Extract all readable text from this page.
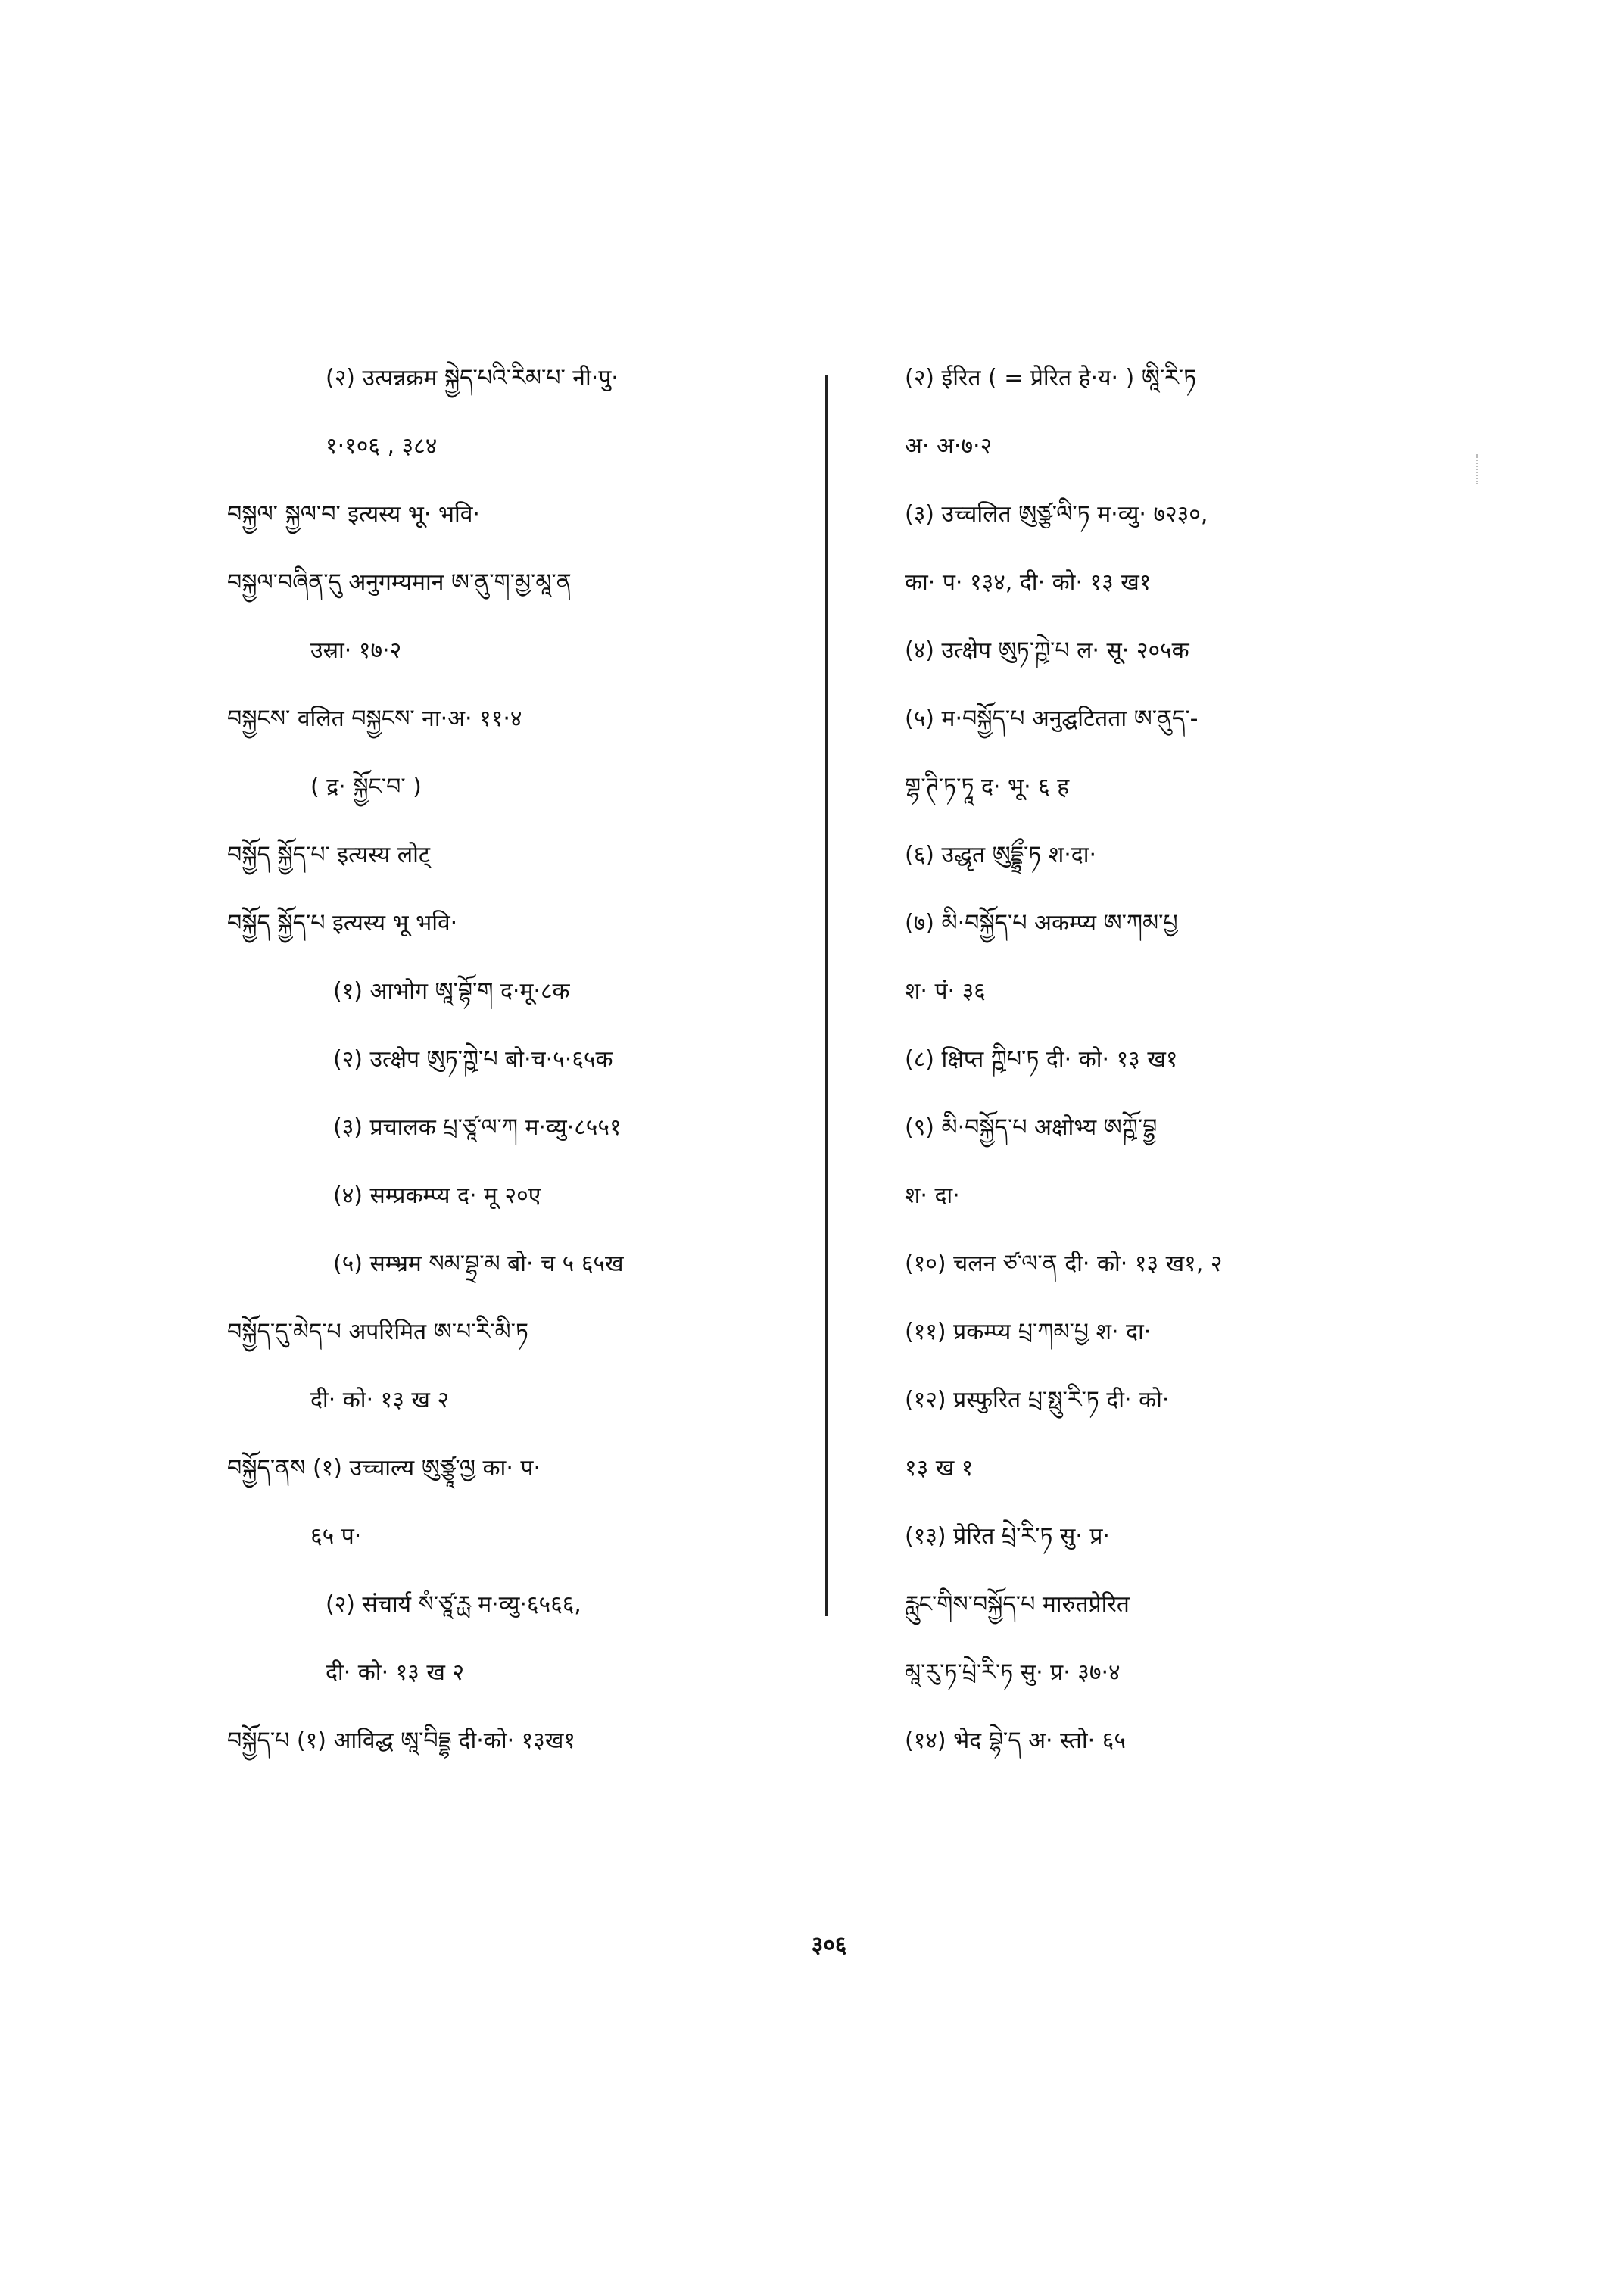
(२) उत्पन्नक्रम སྐྱེད་པའི་རིམ་པ་ नी·पु·
१·१०६ , ३८४
བསྐྱལ་ སྐྱལ་བ་ इत्यस्य भू· भवि·
བསྐྱལ་བཞིན་དུ अनुगम्यमान ཨ་ནུ་ག་མྱ་མཱ་ན
उस्रा· १७·२
བསྐྱངས་ वलित བསྐྱངས་ ना·अ· ११·४
( द्र· སྐྱོང་བ་ )
བསྐྱོད སྐྱོད་པ་ इत्यस्य लोट्
བསྐྱོད སྐྱོད་པ इत्यस्य भू भवि·
(१) आभोग ཨཱ་བྷོ་ག द·मू·८क
(२) उत्क्षेप ཨུཏ་ཀྵེ་པ बो·च·५·६५क
(३) प्रचालक པྲ་ཙཱ་ལ་ཀ म·व्यु·८५५१
(४) सम्प्रकम्प्य द· मू २०ए
(५) सम्भ्रम སམ་བྷྲ་མ बो· च ५ ६५ख
བསྐྱོད་དུ་མེད་པ अपरिमित ཨ་པ་རི་མི་ཏ
दी· को· १३ ख २
བསྐྱོད་ནས (१) उच्चाल्य ཨུཙྩཱ་ལྱ का· प·
६५ प·
(२) संचार्य སཾ་ཙཱ་ཪྻ म·व्यु·६५६६,
दी· को· १३ ख २
བསྐྱོད་པ (१) आविद्ध ཨཱ་བིདྡྷ दी·को· १३ख१
(२) ईरित ( = प्रेरित हे·य· ) ཨཱི་རི་ཏ
अ· अ·७·२
(३) उच्चलित ཨུཙྩ་ལི་ཏ म·व्यु· ७२३०,
का· प· १३४, दी· को· १३ ख१
(४) उत्क्षेप ཨུཏ་ཀྵེ་པ ल· सू· २०५क
(५) म·བསྐྱོད་པ अनुद्घटितता ཨ་ནུད་-
གྷ་ཊི་ཏ་ཏཱ द· भू· ६ ह
(६) उद्धृत ཨུདྡྷྲྀ་ཏ श·दा·
(७) མི·བསྐྱོད་པ अकम्प्य ཨ་ཀམ་པྱ
श· पं· ३६
(८) क्षिप्त ཀྵིཔ་ཏ दी· को· १३ ख१
(९) མི·བསྐྱོད་པ अक्षोभ्य ཨཀྵོ་བྷྱ
श· दा·
(१०) चलन ཙ་ལ་ན दी· को· १३ ख१, २
(११) प्रकम्प्य པྲ་ཀམ་པྱ श· दा·
(१२) प्रस्फुरित པྲ་སྥུ་རི་ཏ दी· को·
१३ ख १
(१३) प्रेरित པྲེ་རི་ཏ सु· प्र·
རླུང་གིས་བསྐྱོད་པ मारुतप्रेरित
མཱ་རུ་ཏ་པྲེ་རི་ཏ सु· प्र· ३७·४
(१४) भेद བྷེ་ད अ· स्तो· ६५
३०६
